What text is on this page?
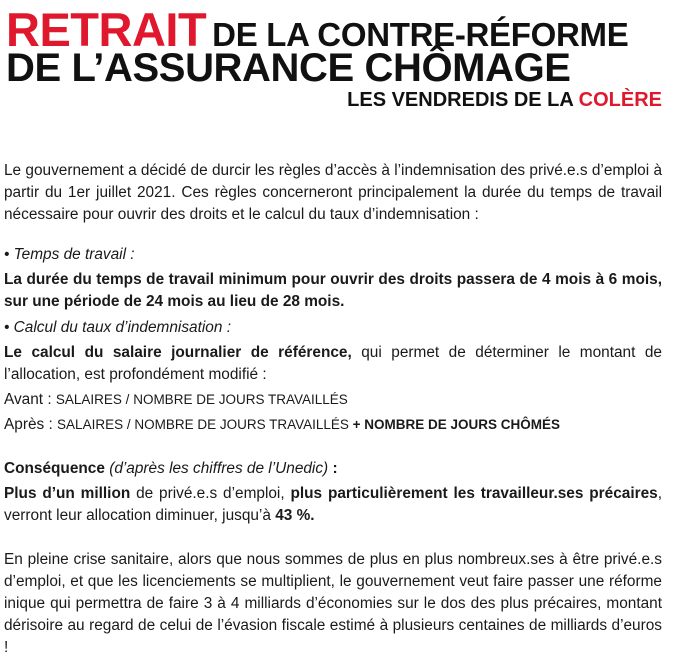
RETRAIT DE LA CONTRE-RÉFORME
DE L’ASSURANCE CHÔMAGE
LES VENDREDIS DE LA COLÈRE

Le gouvernement a décidé de durcir les règles d’accès à l’indemnisation des privé.e.s d’emploi à partir du 1er juillet 2021. Ces règles concerneront principalement la durée du temps de travail nécessaire pour ouvrir des droits et le calcul du taux d’indemnisation :

• Temps de travail :

La durée du temps de travail minimum pour ouvrir des droits passera de 4 mois à 6 mois, sur une période de 24 mois au lieu de 28 mois.

• Calcul du taux d’indemnisation :

Le calcul du salaire journalier de référence, qui permet de déterminer le montant de l’allocation, est profondément modifié :

Avant : SALAIRES / NOMBRE DE JOURS TRAVAILLÉS

Après : SALAIRES / NOMBRE DE JOURS TRAVAILLÉS + NOMBRE DE JOURS CHÔMÉS

Conséquence (d’après les chiffres de l’Unedic) :

Plus d’un million de privé.e.s d’emploi, plus particulièrement les travailleur.ses précaires, verront leur allocation diminuer, jusqu’à 43 %.

En pleine crise sanitaire, alors que nous sommes de plus en plus nombreux.ses à être privé.e.s d’emploi, et que les licenciements se multiplient, le gouvernement veut faire passer une réforme inique qui permettra de faire 3 à 4 milliards d’économies sur le dos des plus précaires, montant dérisoire au regard de celui de l’évasion fiscale estimé à plusieurs centaines de milliards d’euros !
